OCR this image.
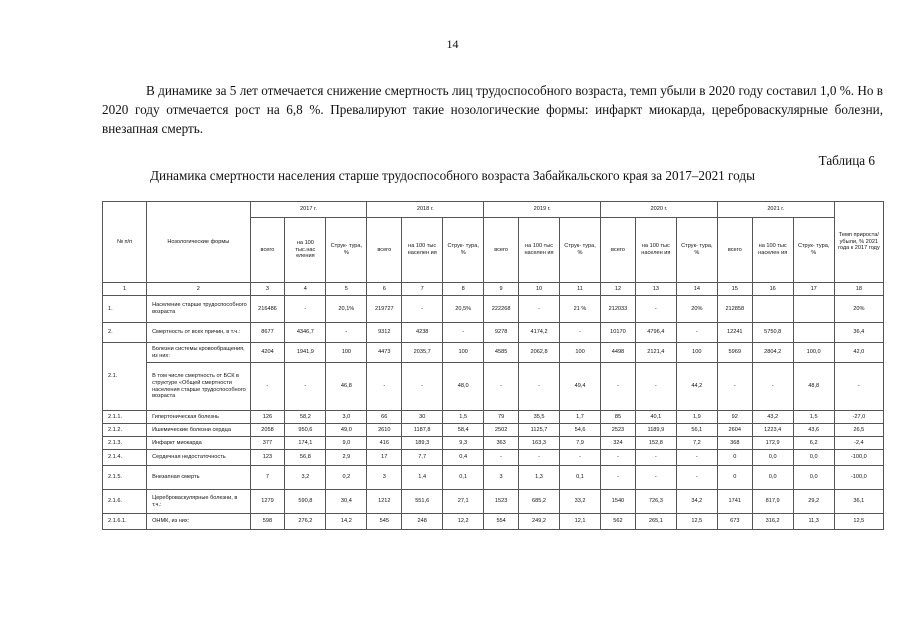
14
В динамике за 5 лет отмечается снижение смертность лиц трудоспособного возраста, темп убыли в 2020 году составил 1,0 %. Но в 2020 году отмечается рост на 6,8 %. Превалируют такие нозологические формы: инфаркт миокарда, цереброваскулярные болезни, внезапная смерть.
Таблица 6
Динамика смертности населения старше трудоспособного возраста Забайкальского края за 2017–2021 годы
№ п/п	Нозологические формы	2017 г.			2018 г.			2019 г.			2020 г.			2021 г.			Темп прироста/ убыли, % 2021 года к 2017 году
		всего	на 100 тыс.нас еления	Струк- тура, %	всего	на 100 тыс населен ия	Струк- тура, %	всего	на 100 тыс населен ия	Струк- тура, %	всего	на 100 тыс населен ия	Струк- тура, %	всего	на 100 тыс населен ия	Струк- тура, %	
1	2	3	4	5	6	7	8	9	10	11	12	13	14	15	16	17	18
1.	Население старше трудоспособного возраста	216486	-	20,1%	219727	-	20,5%	222268	-	21 %	212033	-	20%	212858			20%
2.	Смертность от всех причин, в т.ч.:	8677	4346,7	-	9312	4238	-	9278	4174,2	-	10170	4796,4	-	12241	5750,8		36,4
2.1.	Болезни системы кровообращения, из них:	4204	1941,9	100	4473	2035,7	100	4585	2062,8	100	4498	2121,4	100	5969	2804,2	100,0	42,0
	В том числе смертность от БСК в структуре «Общей смертности населения старше трудоспособного возраста	-	-	46,8	-	-	48,0	-	-	49,4	-	-	44,2	-	-	48,8	-
2.1.1.	Гипертоническая болезнь	126	58,2	3,0	66	30	1,5	79	35,5	1,7	85	40,1	1,9	92	43,2	1,5	-27,0
2.1.2.	Ишемические болезни сердца	2058	950,6	49,0	2610	1187,8	58,4	2502	1125,7	54,6	2523	1189,9	56,1	2604	1223,4	43,6	26,5
2.1.3.	Инфаркт миокарда	377	174,1	9,0	416	189,3	9,3	363	163,3	7,9	324	152,8	7,2	368	172,9	6,2	-2,4
2.1.4.	Сердечная недостаточность	123	56,8	2,9	17	7,7	0,4	-	-	-	-	-	-	0	0,0	0,0	-100,0
2.1.5.	Внезапная смерть	7	3,2	0,2	3	1,4	0,1	3	1,3	0,1	-	-	-	0	0,0	0,0	-100,0
2.1.6.	Цереброваскулярные болезни, в т.ч.:	1279	590,8	30,4	1212	551,6	27,1	1523	685,2	33,2	1540	726,3	34,2	1741	817,9	29,2	36,1
2.1.6.1.	ОНМК, из них:	598	276,2	14,2	545	248	12,2	554	249,2	12,1	562	265,1	12,5	673	316,2	11,3	12,5
